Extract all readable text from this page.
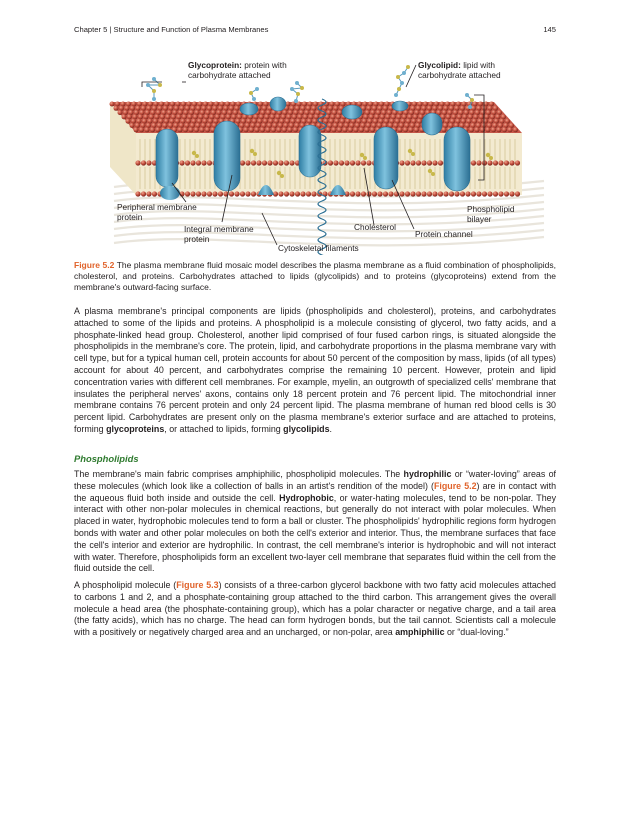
Chapter 5 | Structure and Function of Plasma Membranes	145
Glycoprotein: protein with carbohydrate attached
Glycolipid: lipid with carbohydrate attached
Peripheral membrane protein
Integral membrane protein
Cytoskeletal filaments
Cholesterol
Protein channel
Phospholipid bilayer
Figure 5.2 The plasma membrane fluid mosaic model describes the plasma membrane as a fluid combination of phospholipids, cholesterol, and proteins. Carbohydrates attached to lipids (glycolipids) and to proteins (glycoproteins) extend from the membrane's outward-facing surface.

A plasma membrane's principal components are lipids (phospholipids and cholesterol), proteins, and carbohydrates attached to some of the lipids and proteins. A phospholipid is a molecule consisting of glycerol, two fatty acids, and a phosphate-linked head group. Cholesterol, another lipid comprised of four fused carbon rings, is situated alongside the phospholipids in the membrane's core. The protein, lipid, and carbohydrate proportions in the plasma membrane vary with cell type, but for a typical human cell, protein accounts for about 50 percent of the composition by mass, lipids (of all types) account for about 40 percent, and carbohydrates comprise the remaining 10 percent. However, protein and lipid concentration varies with different cell membranes. For example, myelin, an outgrowth of specialized cells' membrane that insulates the peripheral nerves' axons, contains only 18 percent protein and 76 percent lipid. The mitochondrial inner membrane contains 76 percent protein and only 24 percent lipid. The plasma membrane of human red blood cells is 30 percent lipid. Carbohydrates are present only on the plasma membrane's exterior surface and are attached to proteins, forming glycoproteins, or attached to lipids, forming glycolipids.

Phospholipids

The membrane's main fabric comprises amphiphilic, phospholipid molecules. The hydrophilic or “water-loving” areas of these molecules (which look like a collection of balls in an artist's rendition of the model) (Figure 5.2) are in contact with the aqueous fluid both inside and outside the cell. Hydrophobic, or water-hating molecules, tend to be non-polar. They interact with other non-polar molecules in chemical reactions, but generally do not interact with polar molecules. When placed in water, hydrophobic molecules tend to form a ball or cluster. The phospholipids' hydrophilic regions form hydrogen bonds with water and other polar molecules on both the cell's exterior and interior. Thus, the membrane surfaces that face the cell's interior and exterior are hydrophilic. In contrast, the cell membrane's interior is hydrophobic and will not interact with water. Therefore, phospholipids form an excellent two-layer cell membrane that separates fluid within the cell from the fluid outside the cell.

A phospholipid molecule (Figure 5.3) consists of a three-carbon glycerol backbone with two fatty acid molecules attached to carbons 1 and 2, and a phosphate-containing group attached to the third carbon. This arrangement gives the overall molecule a head area (the phosphate-containing group), which has a polar character or negative charge, and a tail area (the fatty acids), which has no charge. The head can form hydrogen bonds, but the tail cannot. Scientists call a molecule with a positively or negatively charged area and an uncharged, or non-polar, area amphiphilic or “dual-loving.”
